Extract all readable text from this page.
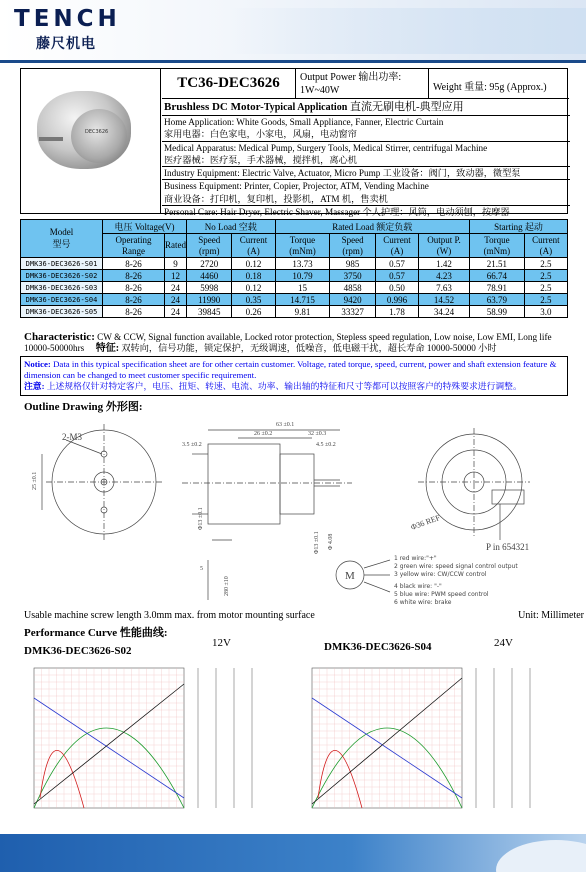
TENCH
藤尺机电
DEC3626
TC36-DEC3626	Output Power 输出功率:
1W~40W	Weight 重量: 95g (Approx.)
Brushless DC Motor-Typical Application 直流无刷电机-典型应用
Home Application: White Goods, Small Appliance, Fanner, Electric Curtain
家用电器：白色家电，小家电，风扇，电动窗帘
Medical Apparatus: Medical Pump, Surgery Tools, Medical Stirrer, centrifugal Machine
医疗器械：医疗泵，手术器械，搅拌机，离心机
Industry Equipment: Electric Valve, Actuator, Micro Pump 工业设备：阀门，致动器，微型泵
Business Equipment: Printer, Copier, Projector, ATM, Vending Machine
商业设备：打印机，复印机，投影机，ATM 机，售卖机
Personal Care: Hair Dryer, Electric Shaver, Massager 个人护理：风筒，电动须刨，按摩器
Model
型号	电压 Voltage(V)		No Load 空载		Rated Load 额定负载				Starting 起动	
	Operating Range	Rated	Speed (rpm)	Current (A)	Torque (mNm)	Speed (rpm)	Current (A)	Output P. (W)	Torque (mNm)	Current (A)
DMK36-DEC3626-S01	8-26	9	2720	0.12	13.73	985	0.57	1.42	21.51	2.5
DMK36-DEC3626-S02	8-26	12	4460	0.18	10.79	3750	0.57	4.23	66.74	2.5
DMK36-DEC3626-S03	8-26	24	5998	0.12	15	4858	0.50	7.63	78.91	2.5
DMK36-DEC3626-S04	8-26	24	11990	0.35	14.715	9420	0.996	14.52	63.79	2.5
DMK36-DEC3626-S05	8-26	24	39845	0.26	9.81	33327	1.78	34.24	58.99	3.0
Characteristic: CW & CCW, Signal function available, Locked rotor protection, Stepless speed regulation, Low noise, Low EMI, Long life 10000-50000hrs 特征: 双转向，信号功能，锁定保护，无级调速，低噪音，低电磁干扰，超长寿命 10000-50000 小时
Notice: Data in this typical specification sheet are for other certain customer. Voltage, rated torque, speed, current, power and shaft extension feature & dimension can be changed to meet customer specific requirement.
注意: 上述规格仅针对特定客户，电压、扭矩、转速、电流、功率、输出轴的特征和尺寸等都可以按照客户的特殊要求进行调整。
Outline Drawing 外形图:
2-M3
25 ±0.1
63 ±0.1
26 ±0.2	32 ±0.3
3.5 ±0.2	4.5 ±0.2
Φ13 ±0.1
Φ 4.08
Φ13 ±0.1
5
280 ±10
Φ36 REF
P in 654321
M
1 red wire:"+"
2 green wire: speed signal control output
3 yellow wire: CW/CCW control
4 black wire: "-"
5 blue wire: PWM speed control
6 white wire: brake
Usable machine screw length 3.0mm max. from motor mounting surface	Unit: Millimeter
Performance Curve 性能曲线:
DMK36-DEC3626-S02
12V	DMK36-DEC3626-S04	24V
